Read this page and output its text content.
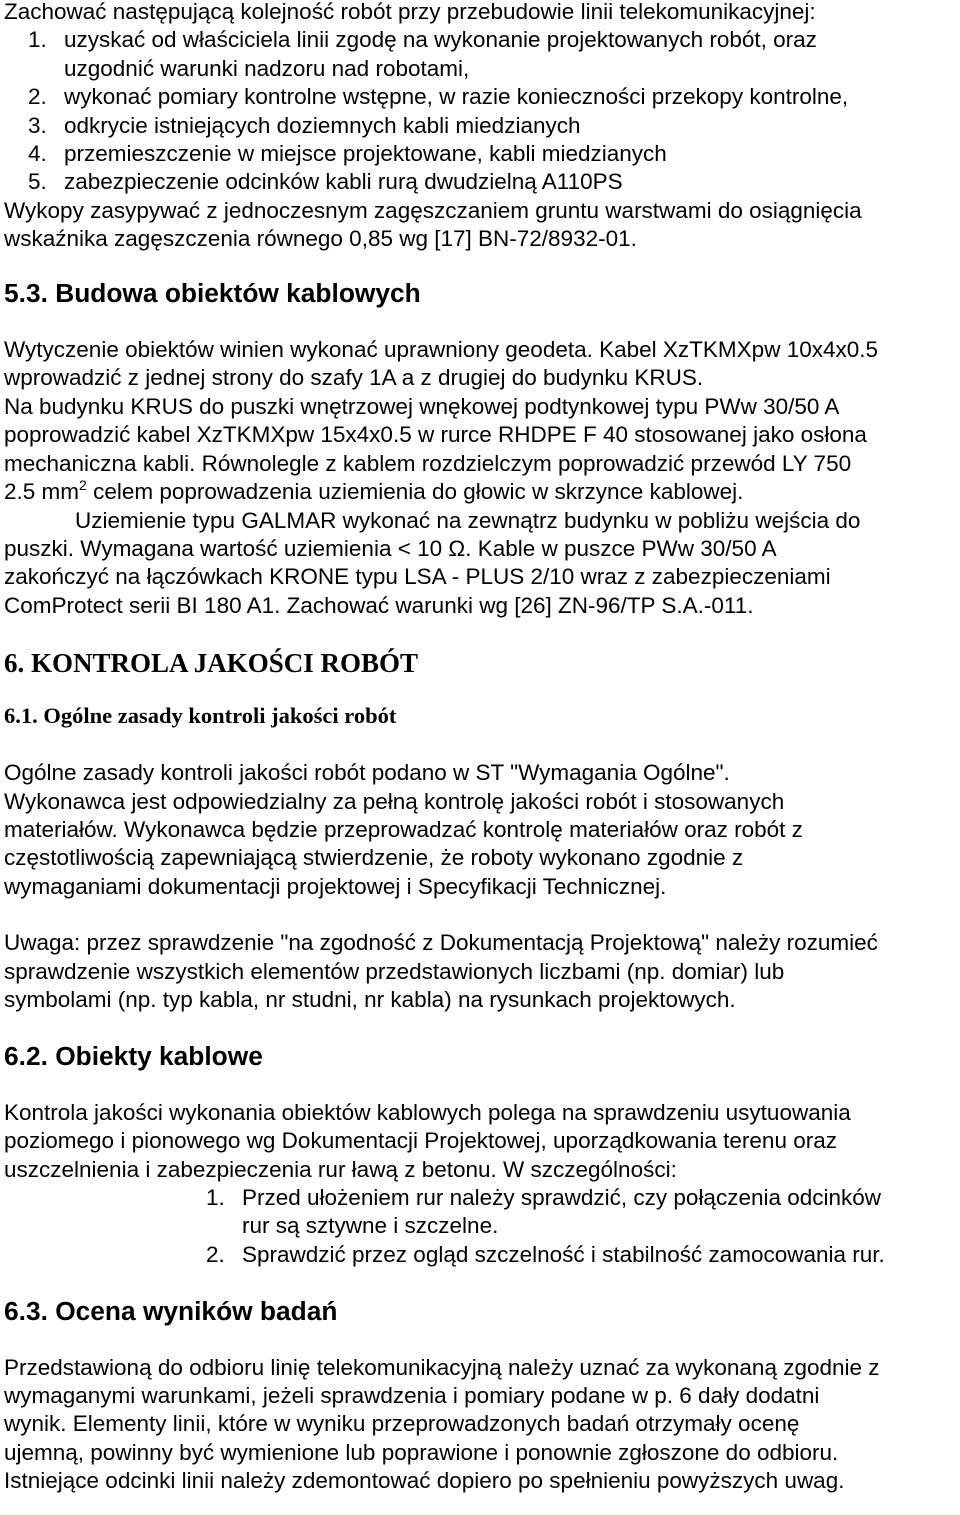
Zachować następującą kolejność robót przy przebudowie linii telekomunikacyjnej:

1. uzyskać od właściciela linii zgodę na wykonanie projektowanych robót, oraz
uzgodnić warunki nadzoru nad robotami,
2. wykonać pomiary kontrolne wstępne, w razie konieczności przekopy kontrolne,
3. odkrycie istniejących doziemnych kabli miedzianych
4. przemieszczenie w miejsce projektowane, kabli miedzianych
5. zabezpieczenie odcinków kabli rurą dwudzielną A110PS

Wykopy zasypywać z jednoczesnym zagęszczaniem gruntu warstwami do osiągnięcia

wskaźnika zagęszczenia równego 0,85 wg [17] BN-72/8932-01.

5.3. Budowa obiektów kablowych

Wytyczenie obiektów winien wykonać uprawniony geodeta. Kabel XzTKMXpw 10x4x0.5

wprowadzić z jednej strony do szafy 1A a z drugiej do budynku KRUS.

Na budynku KRUS do puszki wnętrzowej wnękowej podtynkowej typu PWw 30/50 A

poprowadzić kabel XzTKMXpw 15x4x0.5 w rurce RHDPE F 40 stosowanej jako osłona

mechaniczna kabli. Równolegle z kablem rozdzielczym poprowadzić przewód LY 750

2.5 $mm^2$ celem poprowadzenia uziemienia do głowic w skrzynce kablowej.

Uziemienie typu GALMAR wykonać na zewnątrz budynku w pobliżu wejścia do

puszki. Wymagana wartość uziemienia < 10 Ω. Kable w puszce PWw 30/50 A

zakończyć na łączówkach KRONE typu LSA - PLUS 2/10 wraz z zabezpieczeniami

ComProtect serii BI 180 A1. Zachować warunki wg [26] ZN-96/TP S.A.-011.

6. KONTROLA JAKOŚCI ROBÓT
6.1. Ogólne zasady kontroli jakości robót

Ogólne zasady kontroli jakości robót podano w ST "Wymagania Ogólne".

Wykonawca jest odpowiedzialny za pełną kontrolę jakości robót i stosowanych

materiałów. Wykonawca będzie przeprowadzać kontrolę materiałów oraz robót z

częstotliwością zapewniającą stwierdzenie, że roboty wykonano zgodnie z

wymaganiami dokumentacji projektowej i Specyfikacji Technicznej.

Uwaga: przez sprawdzenie "na zgodność z Dokumentacją Projektową" należy rozumieć

sprawdzenie wszystkich elementów przedstawionych liczbami (np. domiar) lub

symbolami (np. typ kabla, nr studni, nr kabla) na rysunkach projektowych.

6.2. Obiekty kablowe

Kontrola jakości wykonania obiektów kablowych polega na sprawdzeniu usytuowania

poziomego i pionowego wg Dokumentacji Projektowej, uporządkowania terenu oraz

uszczelnienia i zabezpieczenia rur ławą z betonu. W szczególności:

1. Przed ułożeniem rur należy sprawdzić, czy połączenia odcinków
rur są sztywne i szczelne.
2. Sprawdzić przez ogląd szczelność i stabilność zamocowania rur.
6.3. Ocena wyników badań

Przedstawioną do odbioru linię telekomunikacyjną należy uznać za wykonaną zgodnie z

wymaganymi warunkami, jeżeli sprawdzenia i pomiary podane w p. 6 dały dodatni

wynik. Elementy linii, które w wyniku przeprowadzonych badań otrzymały ocenę

ujemną, powinny być wymienione lub poprawione i ponownie zgłoszone do odbioru.

Istniejące odcinki linii należy zdemontować dopiero po spełnieniu powyższych uwag.
